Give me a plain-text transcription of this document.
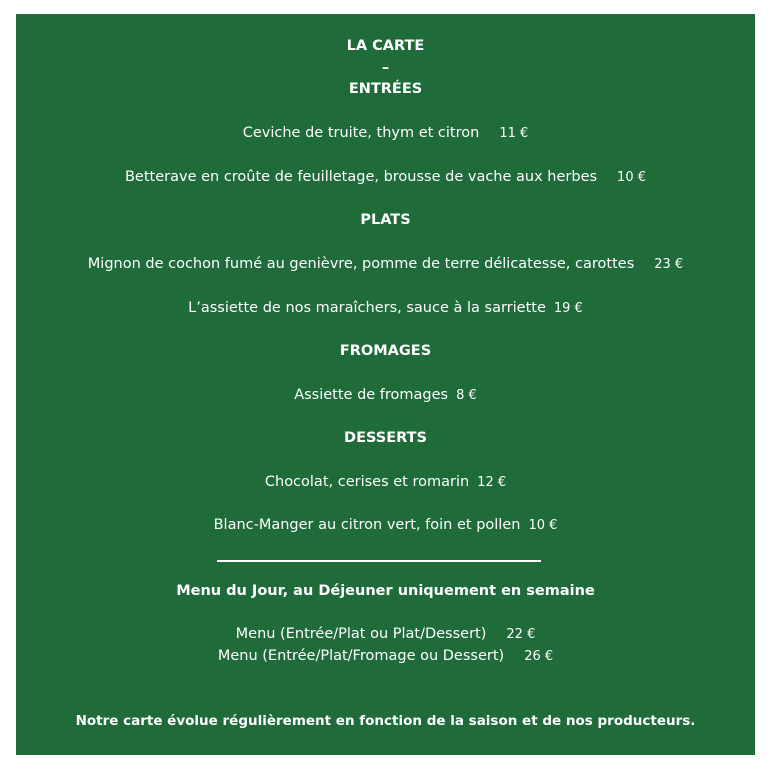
LA CARTE
–
ENTRÉES
Ceviche de truite, thym et citron 11 €
Betterave en croûte de feuilletage, brousse de vache aux herbes 10 €
PLATS
Mignon de cochon fumé au genièvre, pomme de terre délicatesse, carottes 23 €
L’assiette de nos maraîchers, sauce à la sarriette 19 €
FROMAGES
Assiette de fromages 8 €
DESSERTS
Chocolat, cerises et romarin 12 €
Blanc-Manger au citron vert, foin et pollen 10 €
Menu du Jour, au Déjeuner uniquement en semaine
Menu (Entrée/Plat ou Plat/Dessert) 22 €
Menu (Entrée/Plat/Fromage ou Dessert) 26 €
Notre carte évolue régulièrement en fonction de la saison et de nos producteurs.
